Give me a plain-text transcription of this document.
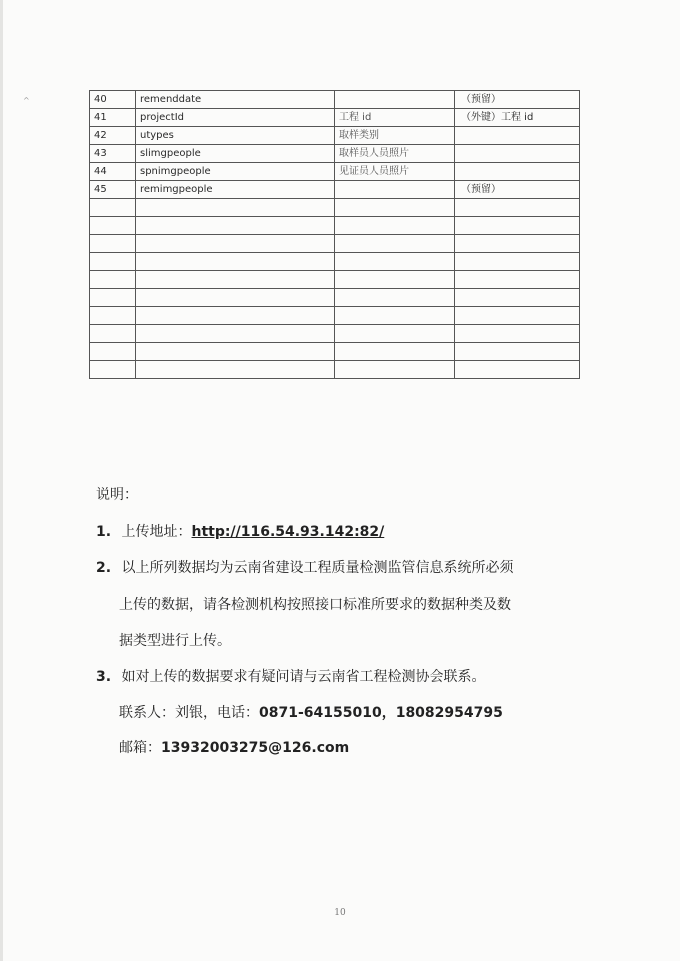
^	40	remenddate		（预留）
41	projectId	工程 id	（外键）工程 id
42	utypes	取样类别	
43	slimgpeople	取样员人员照片	
44	spnimgpeople	见证员人员照片	
45	remimgpeople		（预留）

说明：
1. 上传地址：http://116.54.93.142:82/
2. 以上所列数据均为云南省建设工程质量检测监管信息系统所必须
上传的数据，请各检测机构按照接口标准所要求的数据种类及数
据类型进行上传。
3. 如对上传的数据要求有疑问请与云南省工程检测协会联系。
联系人：刘银，电话：0871-64155010，18082954795
邮箱：13932003275@126.com
10
